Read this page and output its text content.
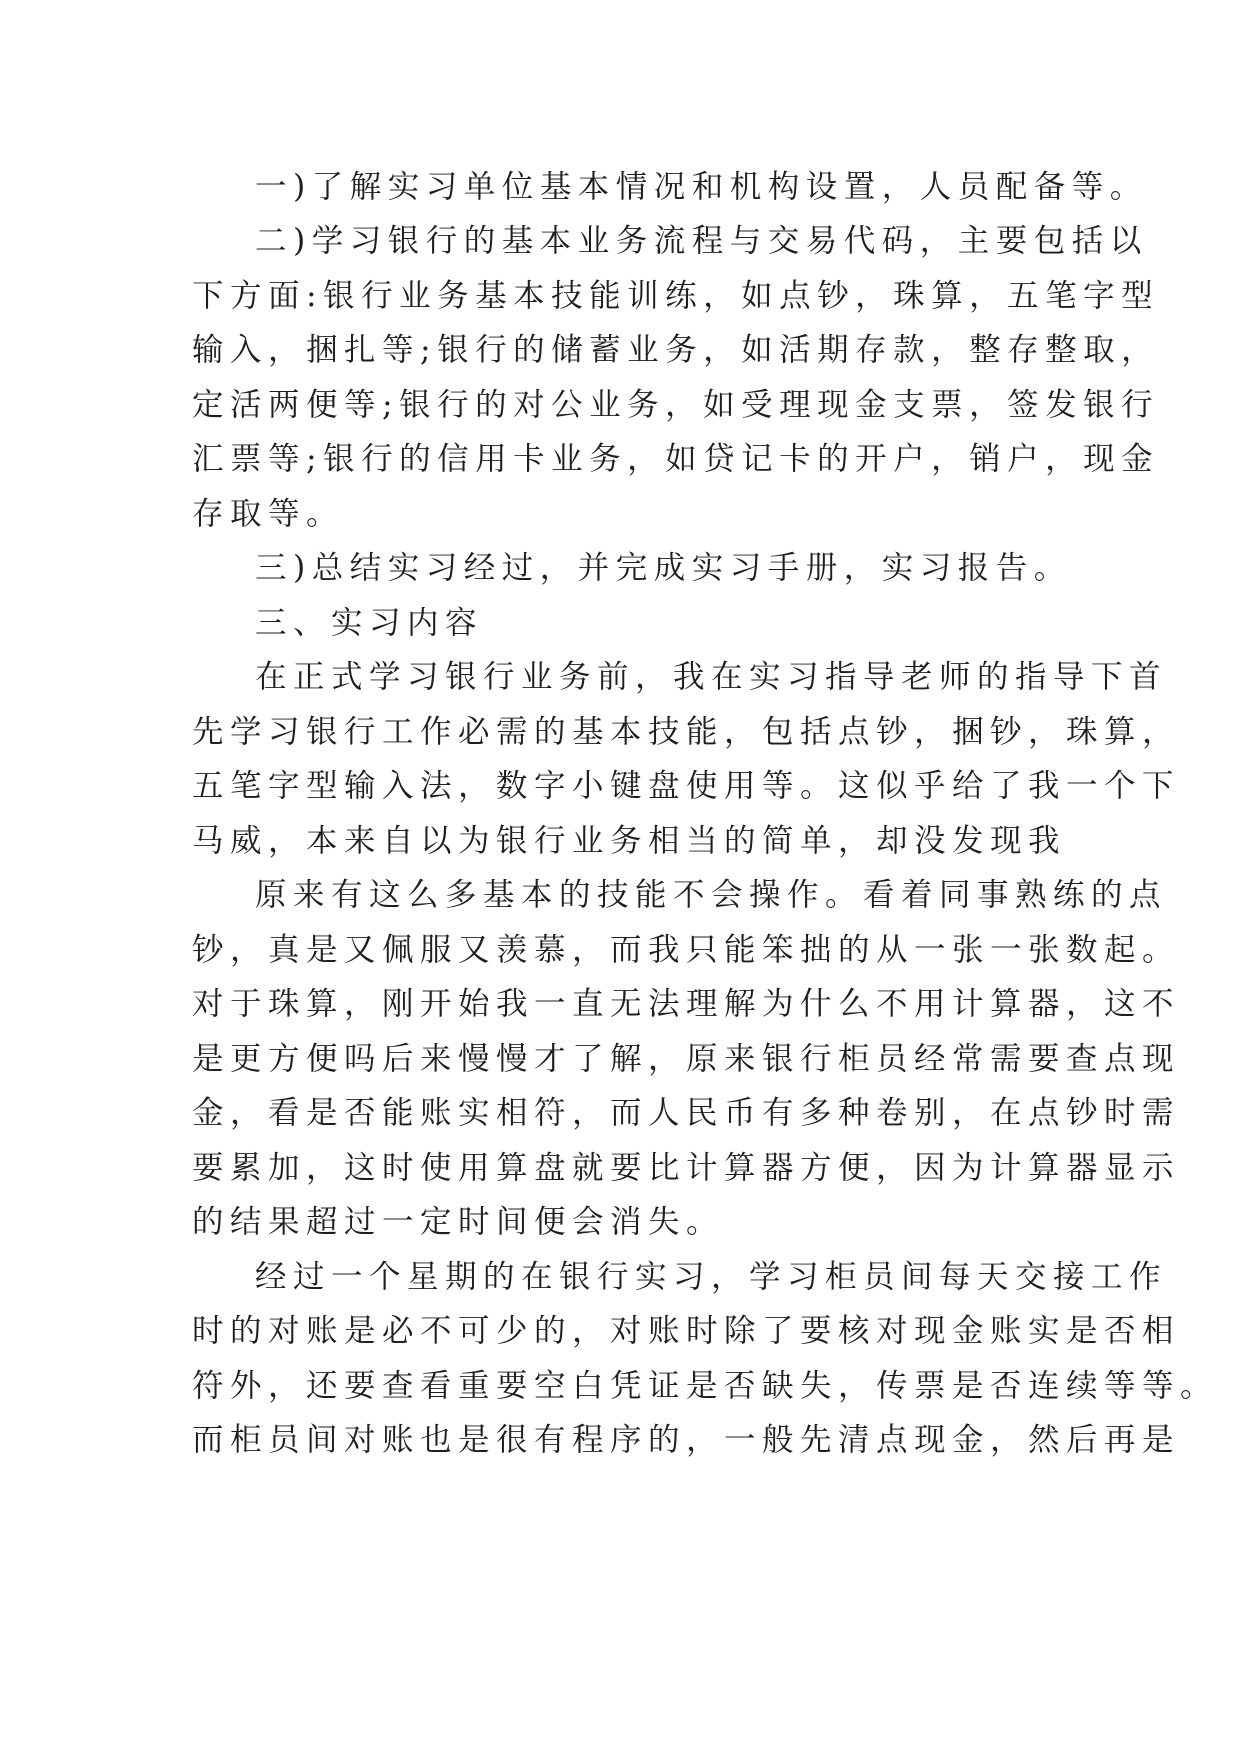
一)了解实习单位基本情况和机构设置，人员配备等。
二)学习银行的基本业务流程与交易代码，主要包括以
下方面:银行业务基本技能训练，如点钞，珠算，五笔字型
输入，捆扎等;银行的储蓄业务，如活期存款，整存整取，
定活两便等;银行的对公业务，如受理现金支票，签发银行
汇票等;银行的信用卡业务，如贷记卡的开户，销户，现金
存取等。
三)总结实习经过，并完成实习手册，实习报告。
三、实习内容
在正式学习银行业务前，我在实习指导老师的指导下首
先学习银行工作必需的基本技能，包括点钞，捆钞，珠算，
五笔字型输入法，数字小键盘使用等。这似乎给了我一个下
马威，本来自以为银行业务相当的简单，却没发现我
原来有这么多基本的技能不会操作。看着同事熟练的点
钞，真是又佩服又羡慕，而我只能笨拙的从一张一张数起。
对于珠算，刚开始我一直无法理解为什么不用计算器，这不
是更方便吗后来慢慢才了解，原来银行柜员经常需要查点现
金，看是否能账实相符，而人民币有多种卷别，在点钞时需
要累加，这时使用算盘就要比计算器方便，因为计算器显示
的结果超过一定时间便会消失。
经过一个星期的在银行实习，学习柜员间每天交接工作
时的对账是必不可少的，对账时除了要核对现金账实是否相
符外，还要查看重要空白凭证是否缺失，传票是否连续等等。
而柜员间对账也是很有程序的，一般先清点现金，然后再是
